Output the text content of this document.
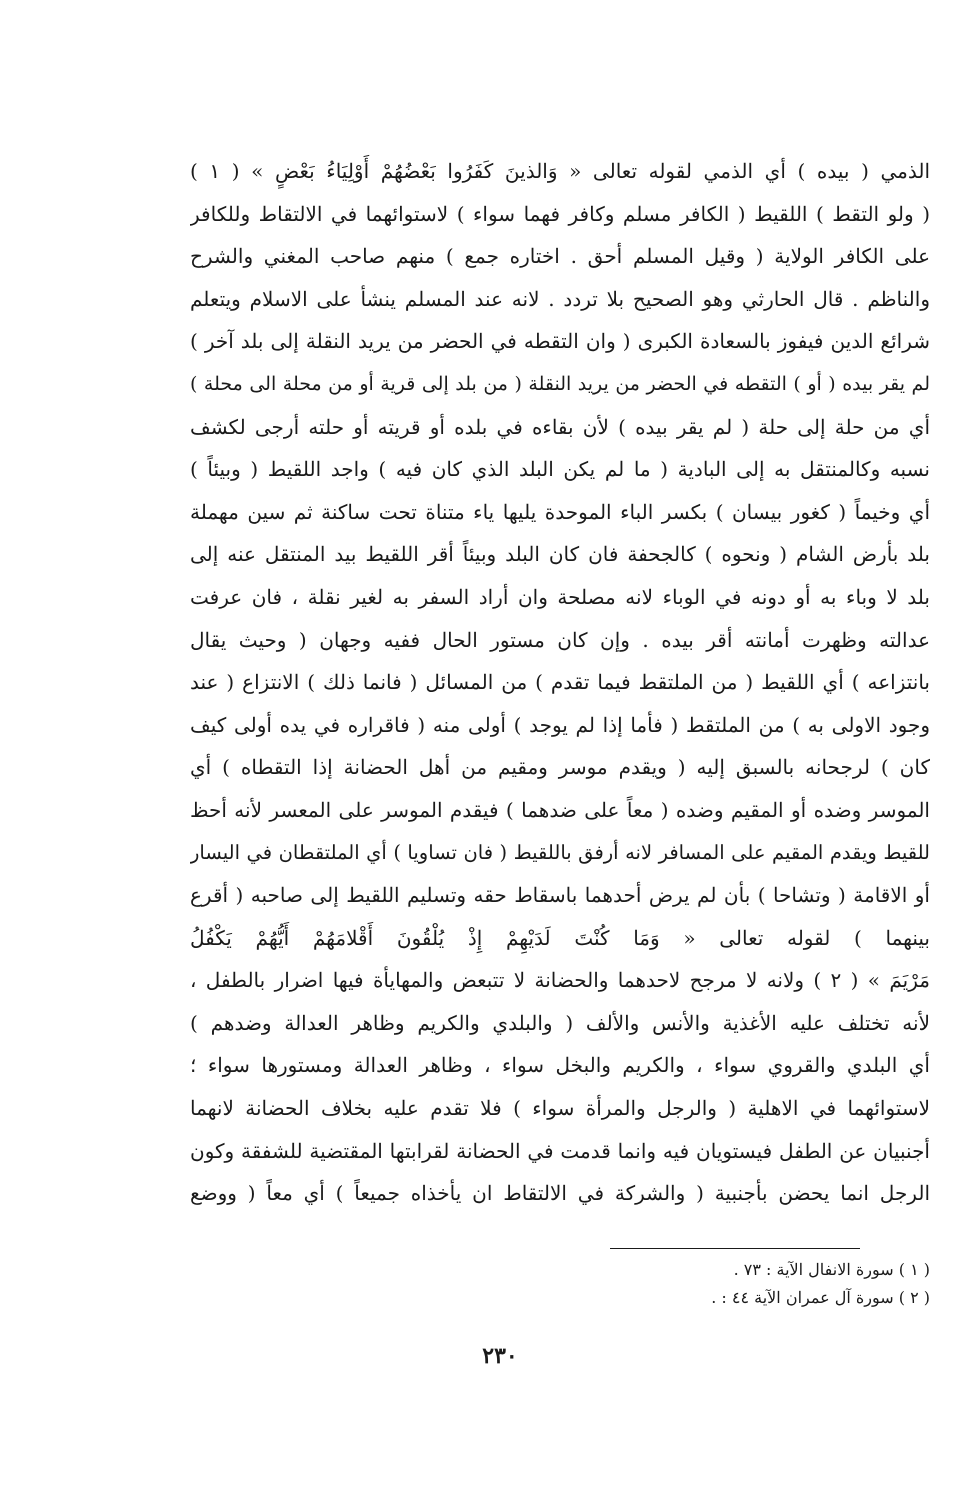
الذمي ( بيده ) أي الذمي لقوله تعالى « وَالذينَ كَفَرُوا بَعْضُهُمْ أَوْلِيَاءُ بَعْضٍ » ( ١ )
( ولو التقط ) اللقيط ( الكافر مسلم وكافر فهما سواء ) لاستوائهما في الالتقاط وللكافر
على الكافر الولاية ( وقيل المسلم أحق . اختاره جمع ) منهم صاحب المغني والشرح
والناظم . قال الحارثي وهو الصحيح بلا تردد . لانه عند المسلم ينشأ على الاسلام ويتعلم
شرائع الدين فيفوز بالسعادة الكبرى ( وان التقطه في الحضر من يريد النقلة إلى بلد آخر )
لم يقر بيده ( أو ) التقطه في الحضر من يريد النقلة ( من بلد إلى قرية أو من محلة الى محلة )
أي من حلة إلى حلة ( لم يقر بيده ) لأن بقاءه في بلده أو قريته أو حلته أرجى لكشف
نسبه وكالمنتقل به إلى البادية ( ما لم يكن البلد الذي كان فيه ) واجد اللقيط ( وبيئاً )
أي وخيماً ( كغور بيسان ) بكسر الباء الموحدة يليها ياء متناة تحت ساكنة ثم سين مهملة
بلد بأرض الشام ( ونحوه ) كالجحفة فان كان البلد وبيئاً أقر اللقيط بيد المنتقل عنه إلى
بلد لا وباء به أو دونه في الوباء لانه مصلحة وان أراد السفر به لغير نقلة ، فان عرفت
عدالته وظهرت أمانته أقر بيده . وإن كان مستور الحال ففيه وجهان ( وحيث يقال
بانتزاعه ) أي اللقيط ( من الملتقط فيما تقدم ) من المسائل ( فانما ذلك ) الانتزاع ( عند
وجود الاولى به ) من الملتقط ( فأما إذا لم يوجد ) أولى منه ( فاقراره في يده أولى كيف
كان ) لرجحانه بالسبق إليه ( ويقدم موسر ومقيم من أهل الحضانة إذا التقطاه ) أي
الموسر وضده أو المقيم وضده ( معاً على ضدهما ) فيقدم الموسر على المعسر لأنه أحظ
للقيط ويقدم المقيم على المسافر لانه أرفق باللقيط ( فان تساويا ) أي الملتقطان في اليسار
أو الاقامة ( وتشاحا ) بأن لم يرض أحدهما باسقاط حقه وتسليم اللقيط إلى صاحبه ( أقرع
بينهما ) لقوله تعالى « وَمَا كُنْتَ لَدَيْهِمْ إِذْ يُلْقُونَ أَقْلامَهُمْ أَيُّهُمْ يَكْفُلُ
مَرْيَمَ » ( ٢ ) ولانه لا مرجح لاحدهما والحضانة لا تتبعض والمهايأة فيها اضرار بالطفل ،
لأنه تختلف عليه الأغذية والأنس والألف ( والبلدي والكريم وظاهر العدالة وضدهم )
أي البلدي والقروي سواء ، والكريم والبخل سواء ، وظاهر العدالة ومستورها سواء ؛
لاستوائهما في الاهلية ( والرجل والمرأة سواء ) فلا تقدم عليه بخلاف الحضانة لانهما
أجنبيان عن الطفل فيستويان فيه وانما قدمت في الحضانة لقرابتها المقتضية للشفقة وكون
الرجل انما يحضن بأجنبية ( والشركة في الالتقاط ان يأخذاه جميعاً ) أي معاً ( ووضع
( ١ ) سورة الانفال الآية : ٧٣ .
( ٢ ) سورة آل عمران الآية ٤٤ : .
٢٣٠
